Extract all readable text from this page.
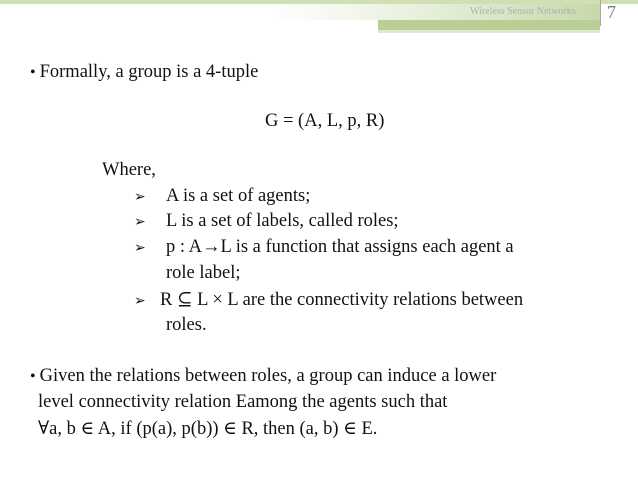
Wireless Sensor Networks 7
• Formally, a group is a 4-tuple
G = (A, L, p, R)
Where,
➢ A is a set of agents;
➢ L is a set of labels, called roles;
➢ p : A→L is a function that assigns each agent a
role label;
➢ R ⊆ L × L are the connectivity relations between
roles.
• Given the relations between roles, a group can induce a lower
level connectivity relation Eamong the agents such that
∀a, b ∈ A, if (p(a), p(b)) ∈ R, then (a, b) ∈ E.
